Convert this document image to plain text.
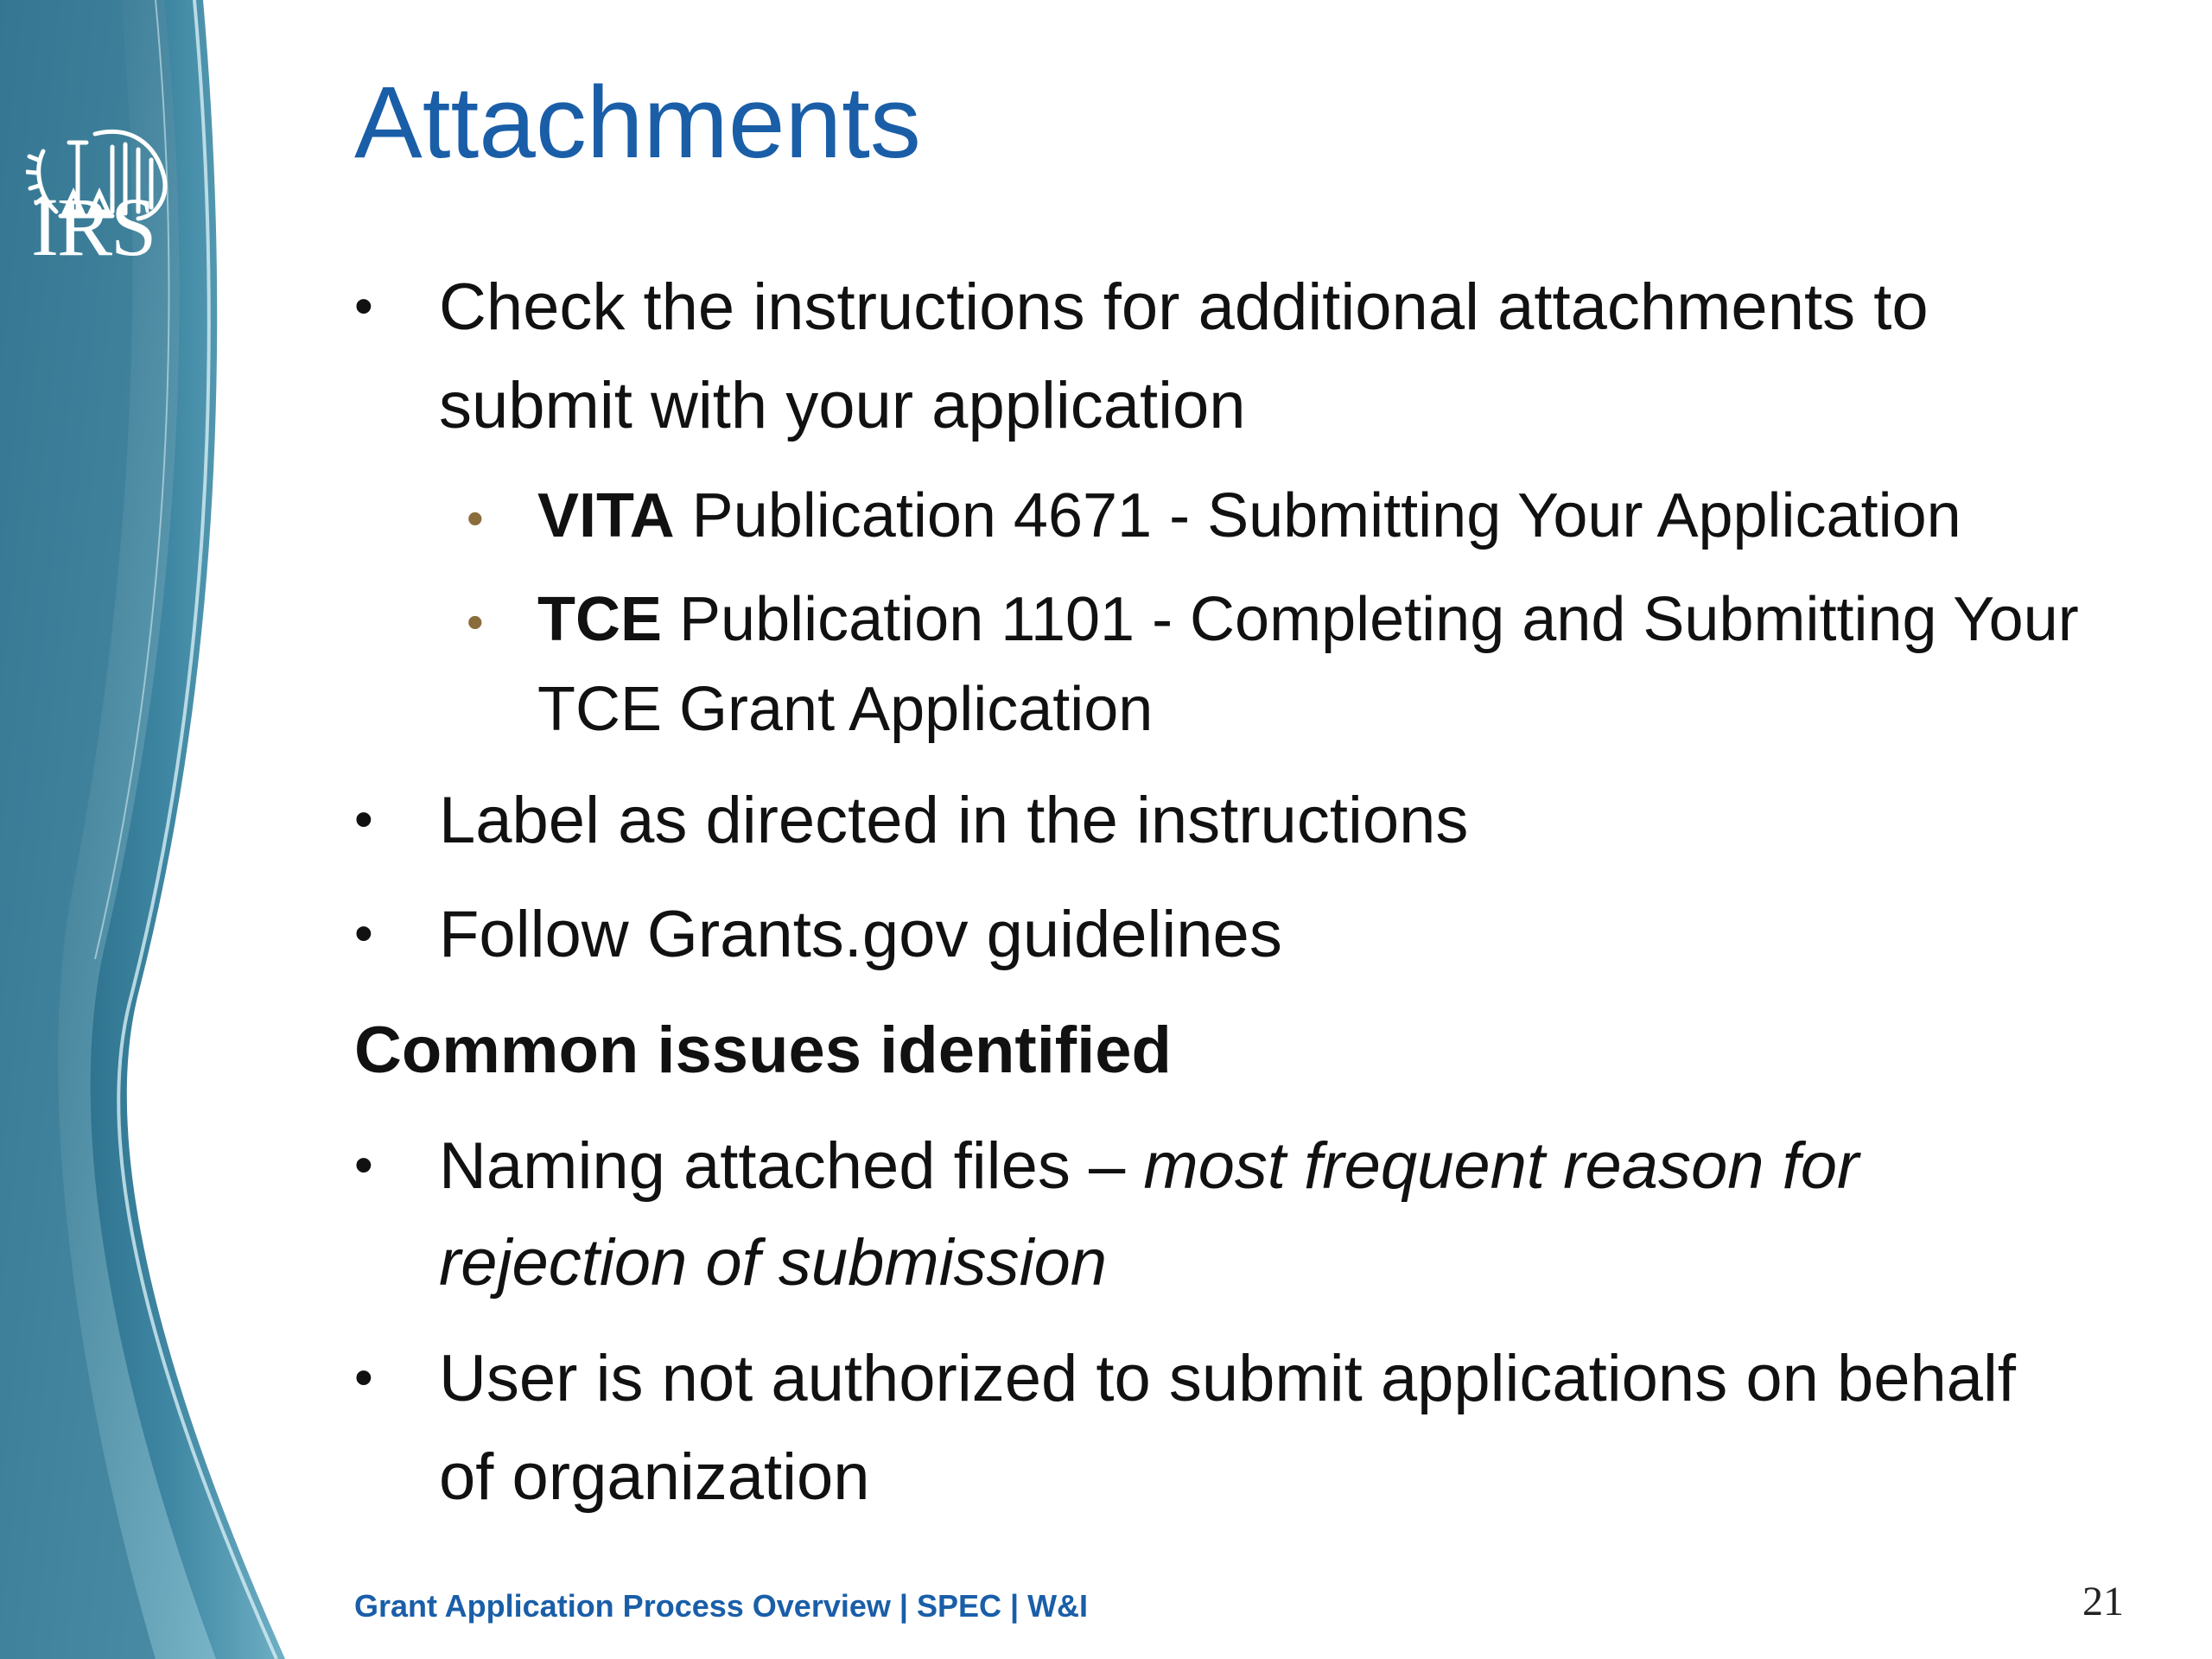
IRS
Attachments
• Check the instructions for additional attachments to
submit with your application
• VITA Publication 4671 - Submitting Your Application
• TCE Publication 1101 - Completing and Submitting Your
TCE Grant Application
• Label as directed in the instructions
• Follow Grants.gov guidelines
Common issues identified
• Naming attached files – most frequent reason for
rejection of submission
• User is not authorized to submit applications on behalf
of organization
Grant Application Process Overview | SPEC | W&I	21
